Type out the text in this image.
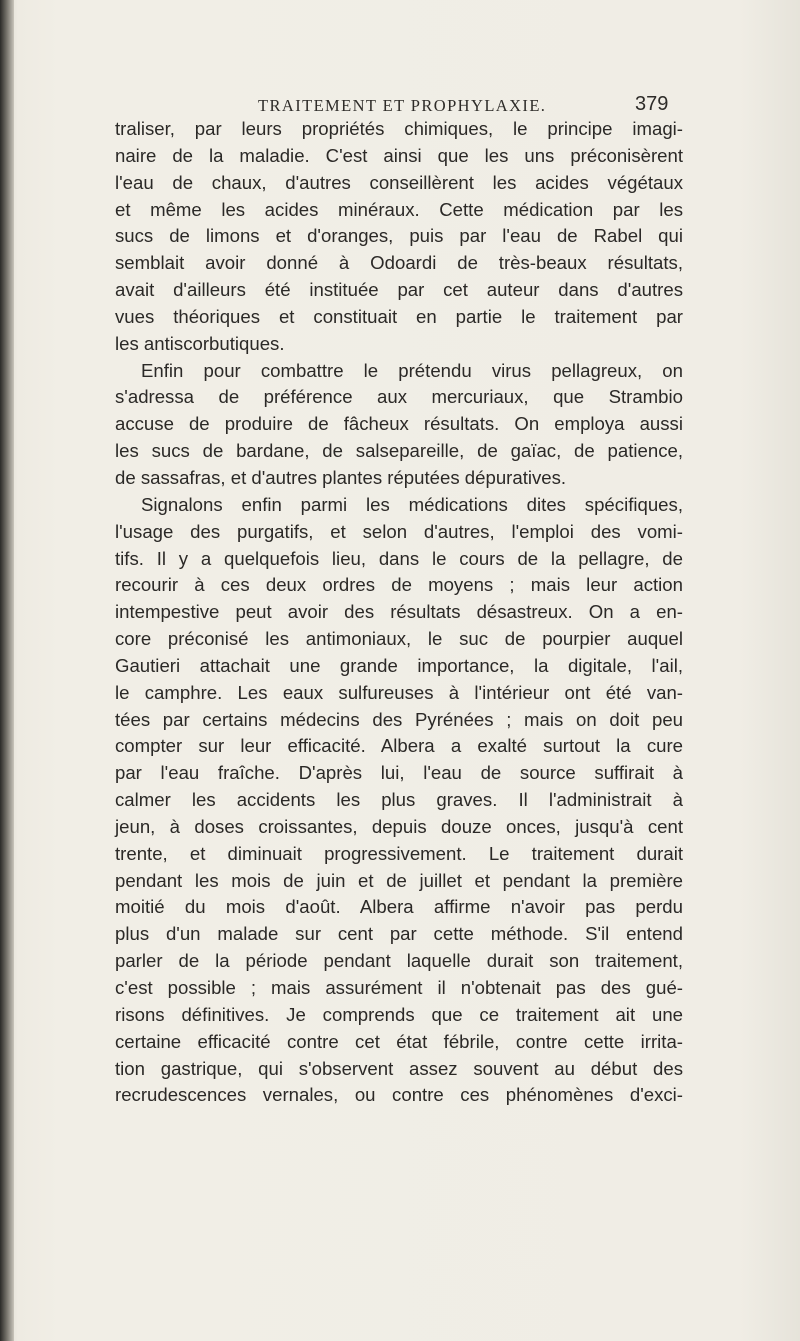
TRAITEMENT ET PROPHYLAXIE.	379
traliser, par leurs propriétés chimiques, le principe imagi-
naire de la maladie. C'est ainsi que les uns préconisèrent
l'eau de chaux, d'autres conseillèrent les acides végétaux
et même les acides minéraux. Cette médication par les
sucs de limons et d'oranges, puis par l'eau de Rabel qui
semblait avoir donné à Odoardi de très-beaux résultats,
avait d'ailleurs été instituée par cet auteur dans d'autres
vues théoriques et constituait en partie le traitement par
les antiscorbutiques.
Enfin pour combattre le prétendu virus pellagreux, on
s'adressa de préférence aux mercuriaux, que Strambio
accuse de produire de fâcheux résultats. On employa aussi
les sucs de bardane, de salsepareille, de gaïac, de patience,
de sassafras, et d'autres plantes réputées dépuratives.
Signalons enfin parmi les médications dites spécifiques,
l'usage des purgatifs, et selon d'autres, l'emploi des vomi-
tifs. Il y a quelquefois lieu, dans le cours de la pellagre, de
recourir à ces deux ordres de moyens ; mais leur action
intempestive peut avoir des résultats désastreux. On a en-
core préconisé les antimoniaux, le suc de pourpier auquel
Gautieri attachait une grande importance, la digitale, l'ail,
le camphre. Les eaux sulfureuses à l'intérieur ont été van-
tées par certains médecins des Pyrénées ; mais on doit peu
compter sur leur efficacité. Albera a exalté surtout la cure
par l'eau fraîche. D'après lui, l'eau de source suffirait à
calmer les accidents les plus graves. Il l'administrait à
jeun, à doses croissantes, depuis douze onces, jusqu'à cent
trente, et diminuait progressivement. Le traitement durait
pendant les mois de juin et de juillet et pendant la première
moitié du mois d'août. Albera affirme n'avoir pas perdu
plus d'un malade sur cent par cette méthode. S'il entend
parler de la période pendant laquelle durait son traitement,
c'est possible ; mais assurément il n'obtenait pas des gué-
risons définitives. Je comprends que ce traitement ait une
certaine efficacité contre cet état fébrile, contre cette irrita-
tion gastrique, qui s'observent assez souvent au début des
recrudescences vernales, ou contre ces phénomènes d'exci-
